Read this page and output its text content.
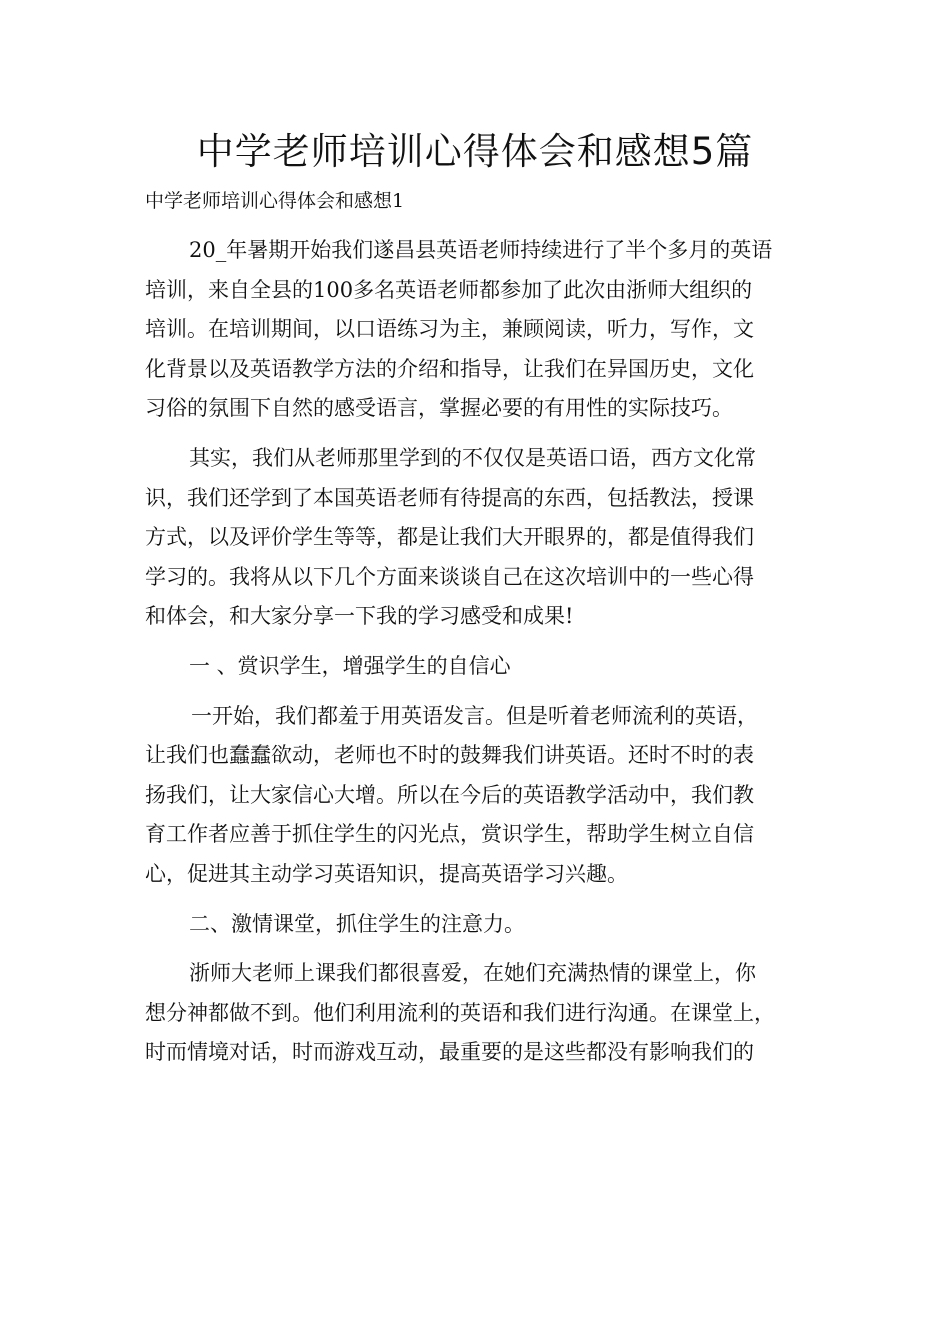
中学老师培训心得体会和感想5篇

中学老师培训心得体会和感想1

20_年暑期开始我们遂昌县英语老师持续进行了半个多月的英语
培训，来自全县的100多名英语老师都参加了此次由浙师大组织的
培训。在培训期间，以口语练习为主，兼顾阅读，听力，写作，文
化背景以及英语教学方法的介绍和指导，让我们在异国历史，文化
习俗的氛围下自然的感受语言，掌握必要的有用性的实际技巧。
其实，我们从老师那里学到的不仅仅是英语口语，西方文化常
识，我们还学到了本国英语老师有待提高的东西，包括教法，授课
方式，以及评价学生等等，都是让我们大开眼界的，都是值得我们
学习的。我将从以下几个方面来谈谈自己在这次培训中的一些心得
和体会，和大家分享一下我的学习感受和成果!
一 、赏识学生，增强学生的自信心
一开始，我们都羞于用英语发言。但是听着老师流利的英语，
让我们也蠢蠢欲动，老师也不时的鼓舞我们讲英语。还时不时的表
扬我们，让大家信心大增。所以在今后的英语教学活动中，我们教
育工作者应善于抓住学生的闪光点，赏识学生，帮助学生树立自信
心，促进其主动学习英语知识，提高英语学习兴趣。
二、激情课堂，抓住学生的注意力。
浙师大老师上课我们都很喜爱，在她们充满热情的课堂上，你
想分神都做不到。他们利用流利的英语和我们进行沟通。在课堂上，
时而情境对话，时而游戏互动，最重要的是这些都没有影响我们的
